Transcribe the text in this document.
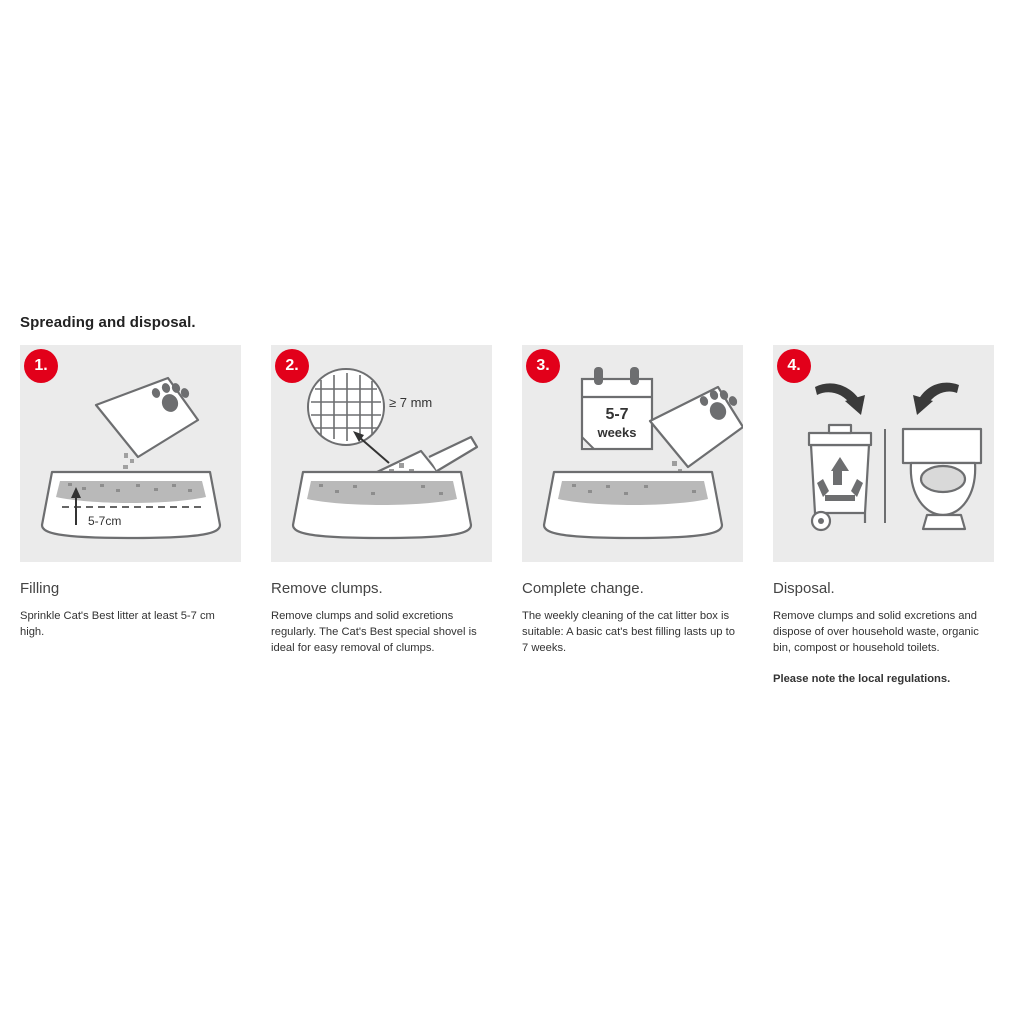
Spreading and disposal.
1.
5-7cm
Filling
Sprinkle Cat's Best litter at least 5-7 cm high.
2.
≥ 7 mm
Remove clumps.
Remove clumps and solid excretions regularly. The Cat's Best special shovel is ideal for easy removal of clumps.
3.
5-7
weeks
Complete change.
The weekly cleaning of the cat litter box is suitable: A basic cat's best filling lasts up to 7 weeks.
4.
Disposal.
Remove clumps and solid excretions and dispose of over household waste, organic bin, compost or household toilets.
Please note the local regulations.
